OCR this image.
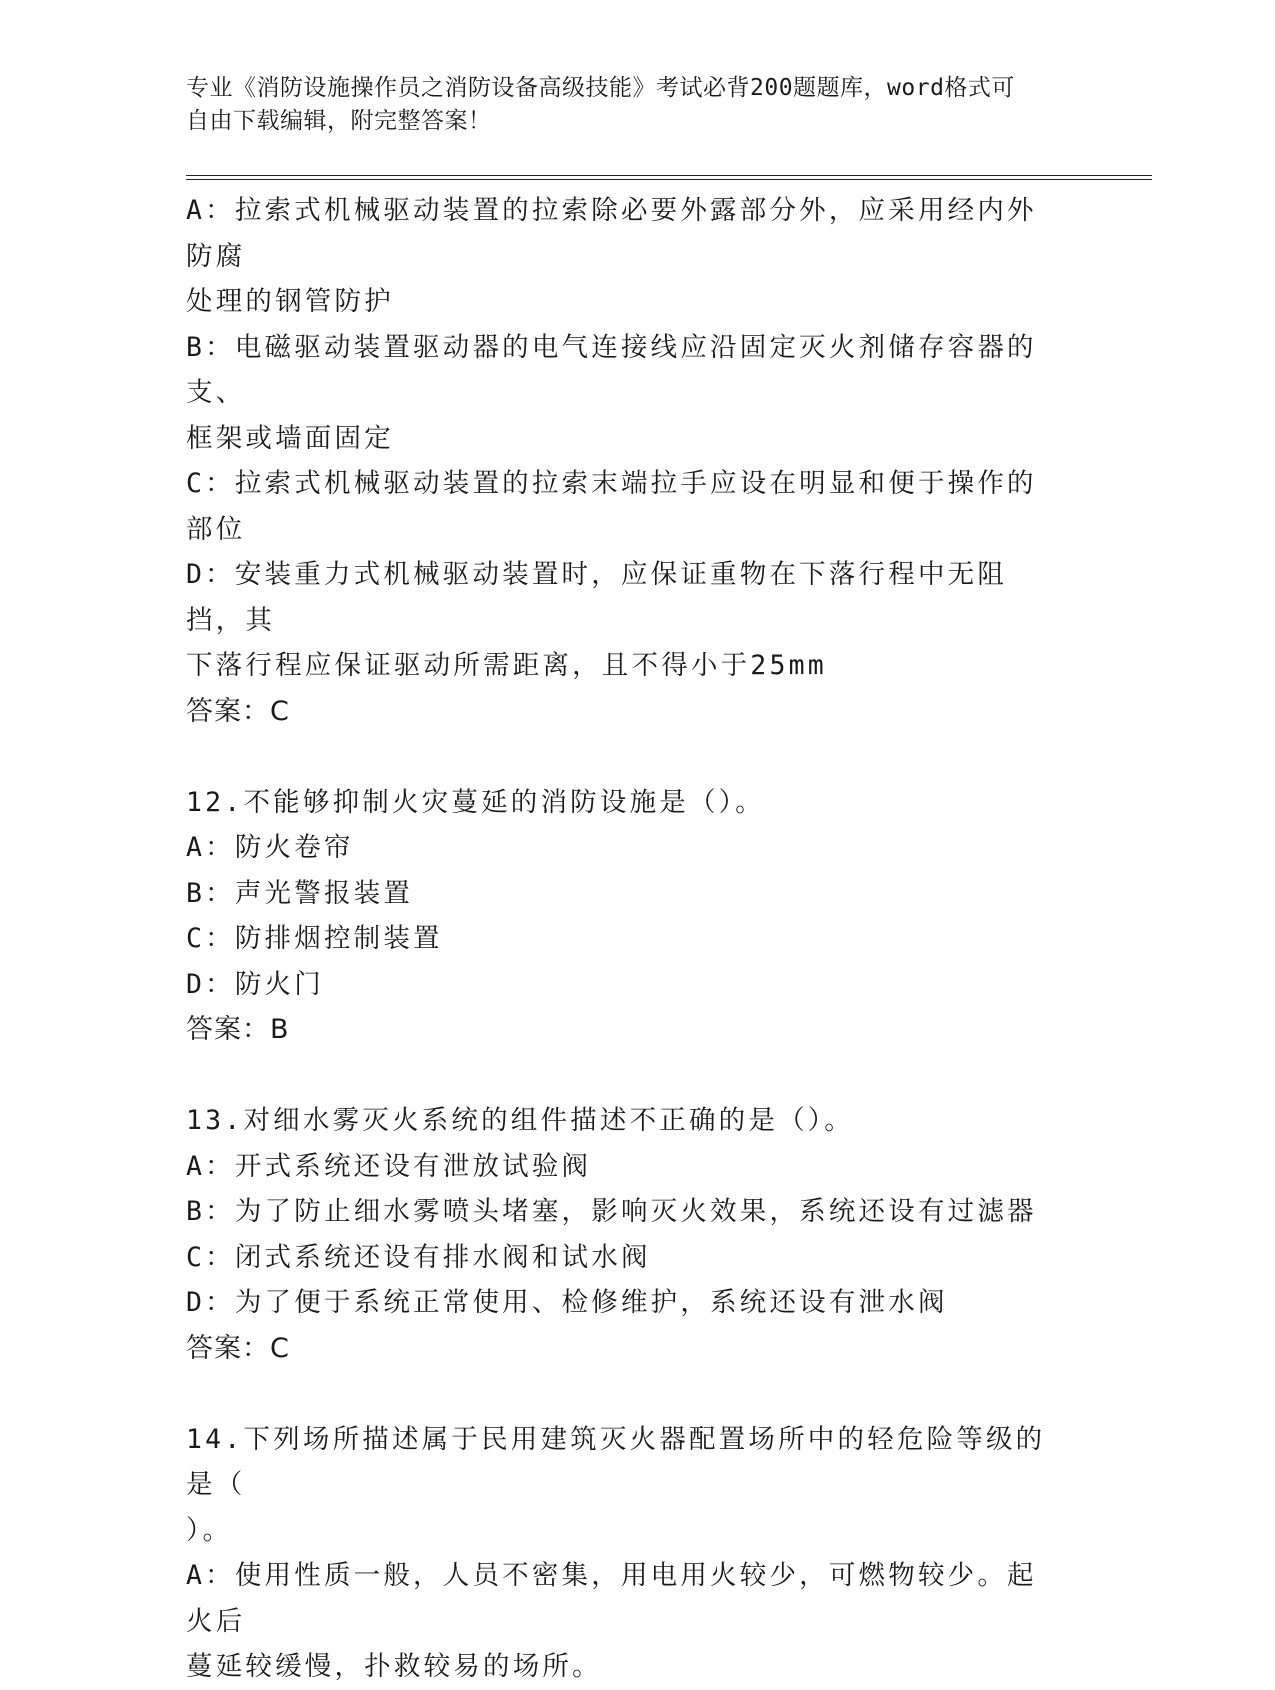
专业《消防设施操作员之消防设备高级技能》考试必背200题题库，word格式可
自由下载编辑，附完整答案！
A：拉索式机械驱动装置的拉索除必要外露部分外，应采用经内外防腐
处理的钢管防护
B：电磁驱动装置驱动器的电气连接线应沿固定灭火剂储存容器的支、
框架或墙面固定
C：拉索式机械驱动装置的拉索末端拉手应设在明显和便于操作的部位
D：安装重力式机械驱动装置时，应保证重物在下落行程中无阻挡，其
下落行程应保证驱动所需距离，且不得小于25mm
答案：C
12.不能够抑制火灾蔓延的消防设施是（）。
A：防火卷帘
B：声光警报装置
C：防排烟控制装置
D：防火门
答案：B
13.对细水雾灭火系统的组件描述不正确的是（）。
A：开式系统还设有泄放试验阀
B：为了防止细水雾喷头堵塞，影响灭火效果，系统还设有过滤器
C：闭式系统还设有排水阀和试水阀
D：为了便于系统正常使用、检修维护，系统还设有泄水阀
答案：C
14.下列场所描述属于民用建筑灭火器配置场所中的轻危险等级的是（
）。
A：使用性质一般，人员不密集，用电用火较少，可燃物较少。起火后
蔓延较缓慢，扑救较易的场所。
